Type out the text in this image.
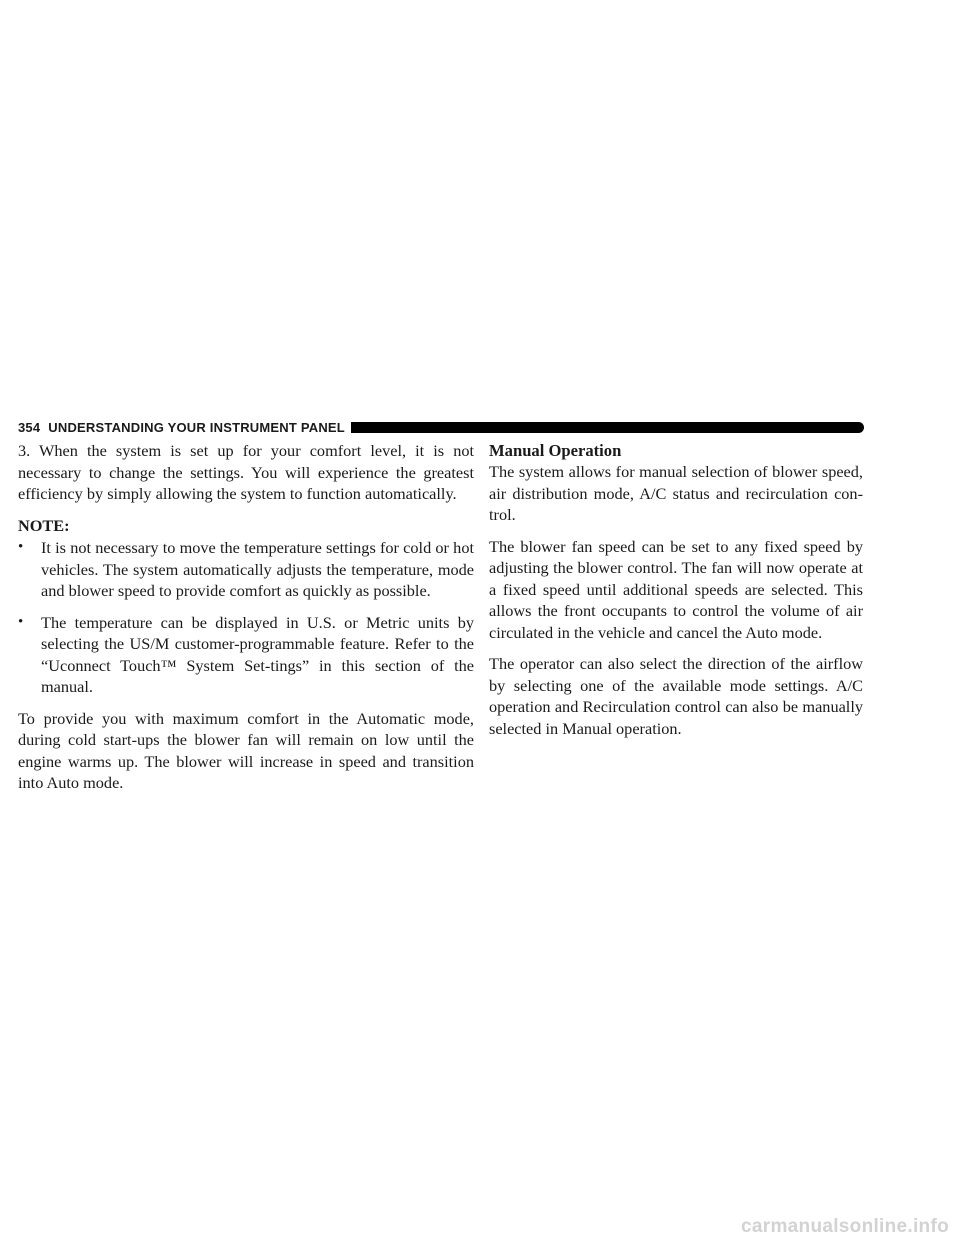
354 UNDERSTANDING YOUR INSTRUMENT PANEL

3. When the system is set up for your comfort level, it is not necessary to change the settings. You will experience the greatest efficiency by simply allowing the system to function automatically.

NOTE:
•	It is not necessary to move the temperature settings for cold or hot vehicles. The system automatically adjusts the temperature, mode and blower speed to provide comfort as quickly as possible.
•	The temperature can be displayed in U.S. or Metric units by selecting the US/M customer-programmable feature. Refer to the “Uconnect Touch™ System Set-tings” in this section of the manual.

To provide you with maximum comfort in the Automatic mode, during cold start-ups the blower fan will remain on low until the engine warms up. The blower will increase in speed and transition into Auto mode.

Manual Operation

The system allows for manual selection of blower speed, air distribution mode, A/C status and recirculation con-trol.

The blower fan speed can be set to any fixed speed by adjusting the blower control. The fan will now operate at a fixed speed until additional speeds are selected. This allows the front occupants to control the volume of air circulated in the vehicle and cancel the Auto mode.

The operator can also select the direction of the airflow by selecting one of the available mode settings. A/C operation and Recirculation control can also be manually selected in Manual operation.

carmanualsonline.info
